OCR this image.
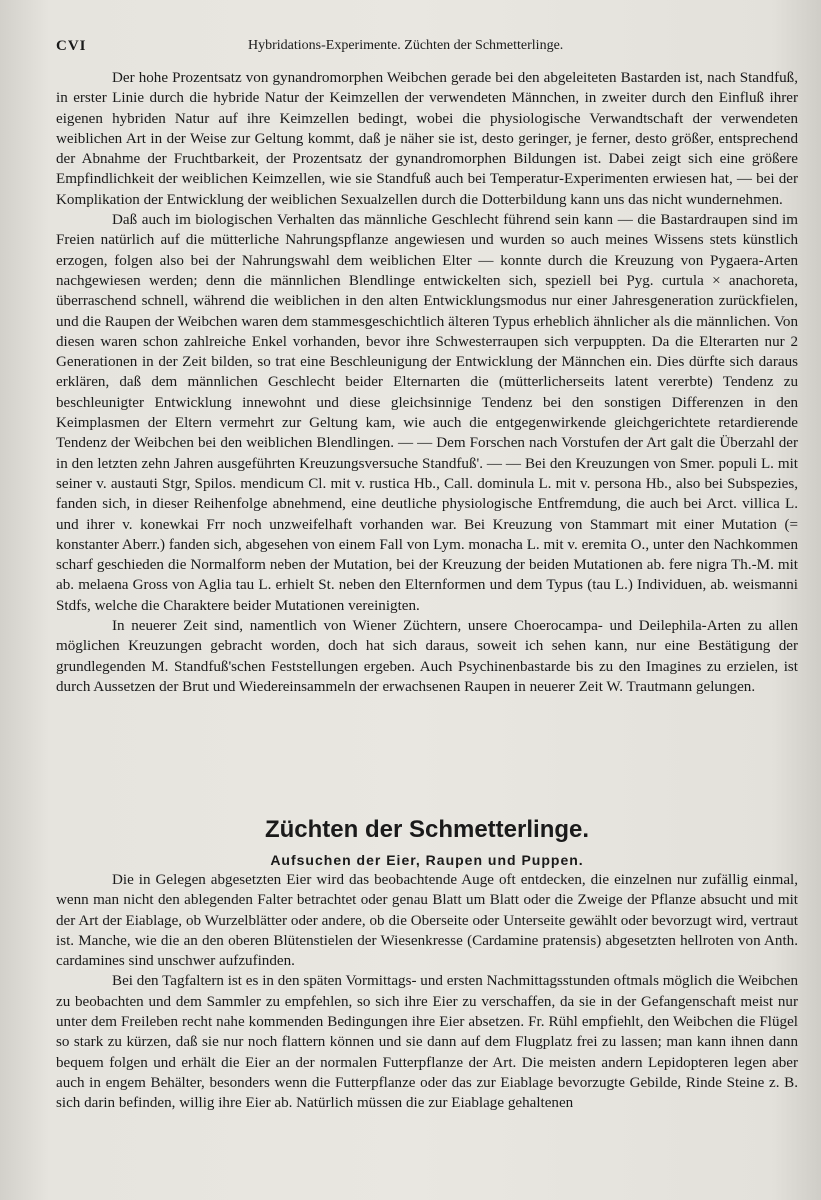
CVI	Hybridations-Experimente. Züchten der Schmetterlinge.

Der hohe Prozentsatz von gynandromorphen Weibchen gerade bei den abgeleiteten Bastarden ist, nach Standfuß, in erster Linie durch die hybride Natur der Keimzellen der verwendeten Männchen, in zweiter durch den Einfluß ihrer eigenen hybriden Natur auf ihre Keimzellen bedingt, wobei die physiologische Verwandtschaft der verwendeten weiblichen Art in der Weise zur Geltung kommt, daß je näher sie ist, desto geringer, je ferner, desto größer, entsprechend der Abnahme der Fruchtbarkeit, der Prozentsatz der gynandromorphen Bildungen ist. Dabei zeigt sich eine größere Empfindlichkeit der weiblichen Keimzellen, wie sie Standfuß auch bei Temperatur-Experimenten erwiesen hat, — bei der Komplikation der Entwicklung der weiblichen Sexualzellen durch die Dotterbildung kann uns das nicht wundernehmen.

Daß auch im biologischen Verhalten das männliche Geschlecht führend sein kann — die Bastardraupen sind im Freien natürlich auf die mütterliche Nahrungspflanze angewiesen und wurden so auch meines Wissens stets künstlich erzogen, folgen also bei der Nahrungswahl dem weiblichen Elter — konnte durch die Kreuzung von Pygaera-Arten nachgewiesen werden; denn die männlichen Blendlinge entwickelten sich, speziell bei Pyg. curtula × anachoreta, überraschend schnell, während die weiblichen in den alten Entwicklungsmodus nur einer Jahresgeneration zurückfielen, und die Raupen der Weibchen waren dem stammesgeschichtlich älteren Typus erheblich ähnlicher als die männlichen. Von diesen waren schon zahlreiche Enkel vorhanden, bevor ihre Schwesterraupen sich verpuppten. Da die Elterarten nur 2 Generationen in der Zeit bilden, so trat eine Beschleunigung der Entwicklung der Männchen ein. Dies dürfte sich daraus erklären, daß dem männlichen Geschlecht beider Elternarten die (mütterlicherseits latent vererbte) Tendenz zu beschleunigter Entwicklung innewohnt und diese gleichsinnige Tendenz bei den sonstigen Differenzen in den Keimplasmen der Eltern vermehrt zur Geltung kam, wie auch die entgegenwirkende gleichgerichtete retardierende Tendenz der Weibchen bei den weiblichen Blendlingen. — — Dem Forschen nach Vorstufen der Art galt die Überzahl der in den letzten zehn Jahren ausgeführten Kreuzungsversuche Standfuß'. — — Bei den Kreuzungen von Smer. populi L. mit seiner v. austauti Stgr, Spilos. mendicum Cl. mit v. rustica Hb., Call. dominula L. mit v. persona Hb., also bei Subspezies, fanden sich, in dieser Reihenfolge abnehmend, eine deutliche physiologische Entfremdung, die auch bei Arct. villica L. und ihrer v. konewkai Frr noch unzweifelhaft vorhanden war. Bei Kreuzung von Stammart mit einer Mutation (= konstanter Aberr.) fanden sich, abgesehen von einem Fall von Lym. monacha L. mit v. eremita O., unter den Nachkommen scharf geschieden die Normalform neben der Mutation, bei der Kreuzung der beiden Mutationen ab. fere nigra Th.-M. mit ab. melaena Gross von Aglia tau L. erhielt St. neben den Elternformen und dem Typus (tau L.) Individuen, ab. weismanni Stdfs, welche die Charaktere beider Mutationen vereinigten.

In neuerer Zeit sind, namentlich von Wiener Züchtern, unsere Choerocampa- und Deilephila-Arten zu allen möglichen Kreuzungen gebracht worden, doch hat sich daraus, soweit ich sehen kann, nur eine Bestätigung der grundlegenden M. Standfuß'schen Feststellungen ergeben. Auch Psychinenbastarde bis zu den Imagines zu erzielen, ist durch Aussetzen der Brut und Wiedereinsammeln der erwachsenen Raupen in neuerer Zeit W. Trautmann gelungen.

Züchten der Schmetterlinge.
Aufsuchen der Eier, Raupen und Puppen.

Die in Gelegen abgesetzten Eier wird das beobachtende Auge oft entdecken, die einzelnen nur zufällig einmal, wenn man nicht den ablegenden Falter betrachtet oder genau Blatt um Blatt oder die Zweige der Pflanze absucht und mit der Art der Eiablage, ob Wurzelblätter oder andere, ob die Oberseite oder Unterseite gewählt oder bevorzugt wird, vertraut ist. Manche, wie die an den oberen Blütenstielen der Wiesenkresse (Cardamine pratensis) abgesetzten hellroten von Anth. cardamines sind unschwer aufzufinden.

Bei den Tagfaltern ist es in den späten Vormittags- und ersten Nachmittagsstunden oftmals möglich die Weibchen zu beobachten und dem Sammler zu empfehlen, so sich ihre Eier zu verschaffen, da sie in der Gefangenschaft meist nur unter dem Freileben recht nahe kommenden Bedingungen ihre Eier absetzen. Fr. Rühl empfiehlt, den Weibchen die Flügel so stark zu kürzen, daß sie nur noch flattern können und sie dann auf dem Flugplatz frei zu lassen; man kann ihnen dann bequem folgen und erhält die Eier an der normalen Futterpflanze der Art. Die meisten andern Lepidopteren legen aber auch in engem Behälter, besonders wenn die Futterpflanze oder das zur Eiablage bevorzugte Gebilde, Rinde Steine z. B. sich darin befinden, willig ihre Eier ab. Natürlich müssen die zur Eiablage gehaltenen
